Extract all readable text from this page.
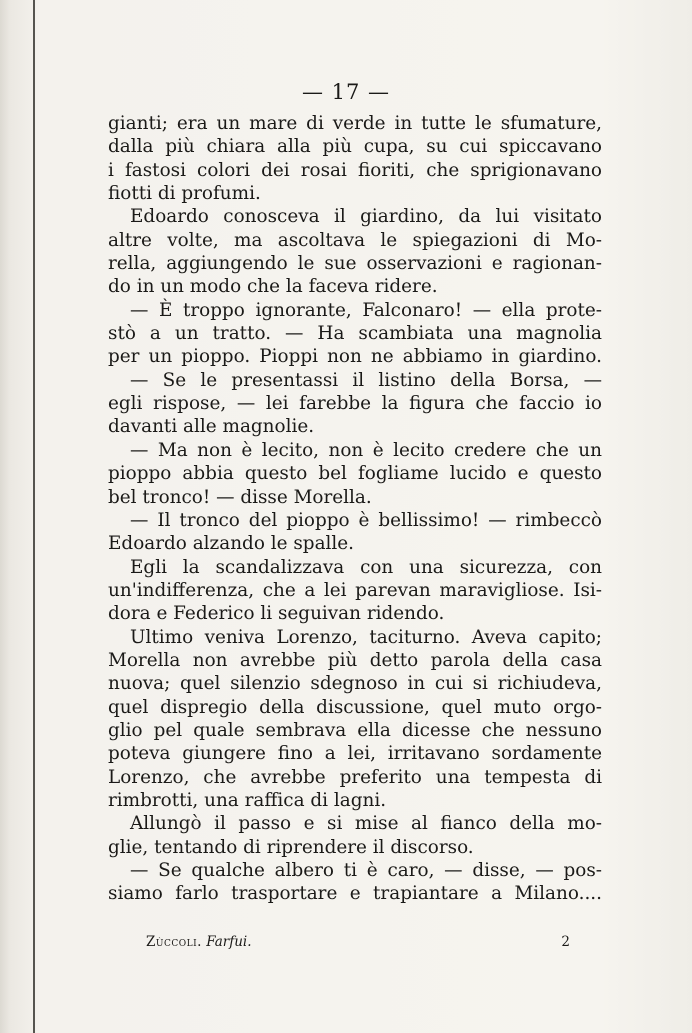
— 17 —
gianti; era un mare di verde in tutte le sfumature,
dalla più chiara alla più cupa, su cui spiccavano
i fastosi colori dei rosai fioriti, che sprigionavano
fiotti di profumi.
Edoardo conosceva il giardino, da lui visitato
altre volte, ma ascoltava le spiegazioni di Mo-
rella, aggiungendo le sue osservazioni e ragionan-
do in un modo che la faceva ridere.
— È troppo ignorante, Falconaro! — ella prote-
stò a un tratto. — Ha scambiata una magnolia
per un pioppo. Pioppi non ne abbiamo in giardino.
— Se le presentassi il listino della Borsa, —
egli rispose, — lei farebbe la figura che faccio io
davanti alle magnolie.
— Ma non è lecito, non è lecito credere che un
pioppo abbia questo bel fogliame lucido e questo
bel tronco! — disse Morella.
— Il tronco del pioppo è bellissimo! — rimbeccò
Edoardo alzando le spalle.
Egli la scandalizzava con una sicurezza, con
un'indifferenza, che a lei parevan maravigliose. Isi-
dora e Federico li seguivan ridendo.
Ultimo veniva Lorenzo, taciturno. Aveva capito;
Morella non avrebbe più detto parola della casa
nuova; quel silenzio sdegnoso in cui si richiudeva,
quel dispregio della discussione, quel muto orgo-
glio pel quale sembrava ella dicesse che nessuno
poteva giungere fino a lei, irritavano sordamente
Lorenzo, che avrebbe preferito una tempesta di
rimbrotti, una raffica di lagni.
Allungò il passo e si mise al fianco della mo-
glie, tentando di riprendere il discorso.
— Se qualche albero ti è caro, — disse, — pos-
siamo farlo trasportare e trapiantare a Milano....
Zùccoli. Farfui.	2
